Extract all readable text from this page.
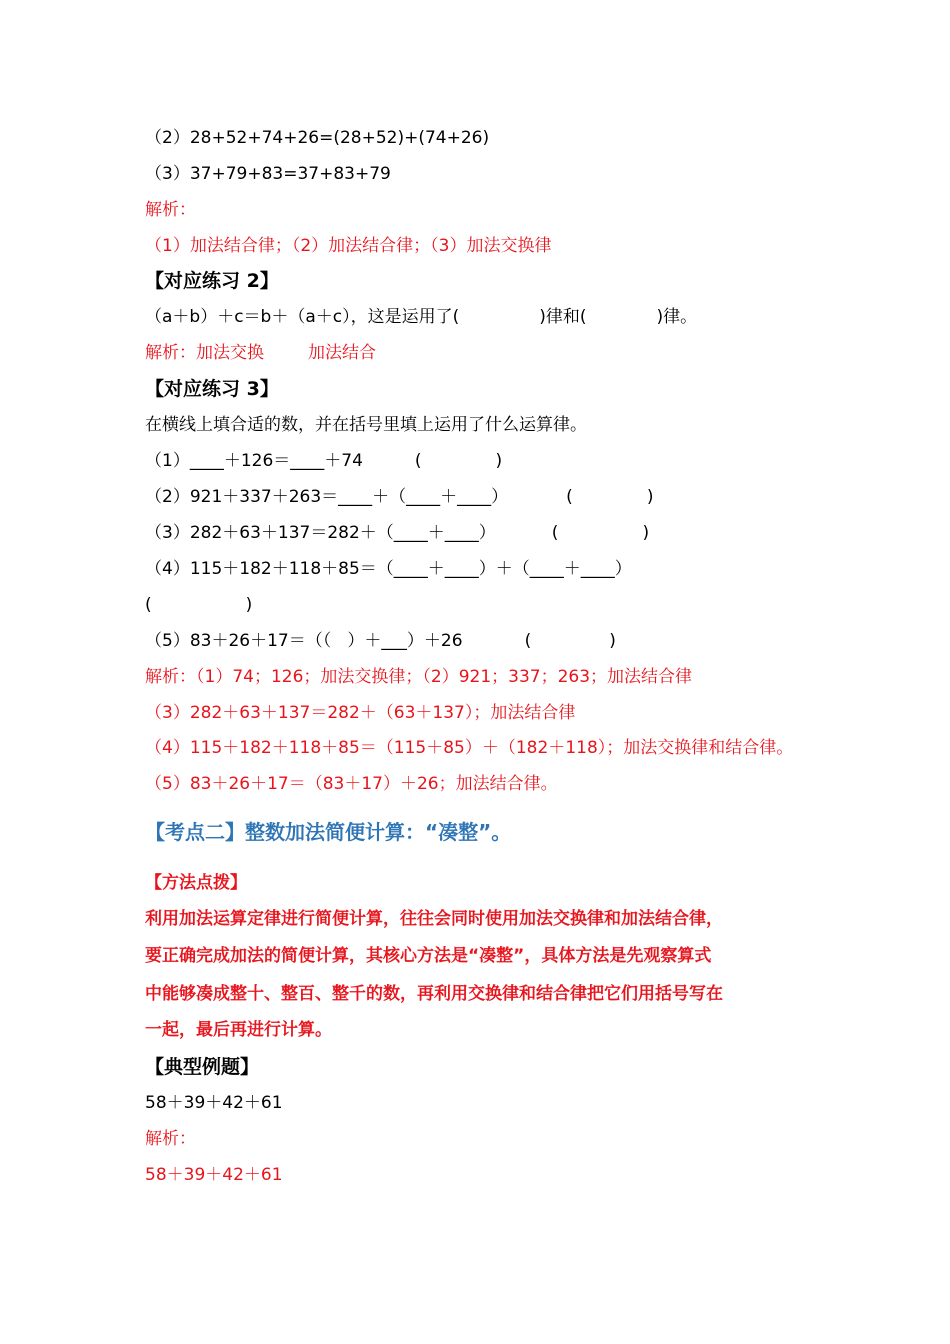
（2）28+52+74+26=(28+52)+(74+26)
（3）37+79+83=37+83+79
解析：
（1）加法结合律；（2）加法结合律；（3）加法交换律
【对应练习 2】
（a＋b）＋c＝b＋（a＋c），这是运用了(	)律和(	)律。
解析：加法交换	加法结合
【对应练习 3】
在横线上填合适的数，并在括号里填上运用了什么运算律。
（1）____＋126＝____＋74	(	)
（2）921＋337＋263＝____＋（____＋____）	(	)
（3）282＋63＋137＝282＋（____＋____）	(	)
（4）115＋182＋118＋85＝（____＋____）＋（____＋____）
(	)
（5）83＋26＋17＝（（   ）＋___）＋26	(	)
解析：（1）74；126；加法交换律；（2）921；337；263；加法结合律
（3）282＋63＋137＝282＋（63＋137）；加法结合律
（4）115＋182＋118＋85＝（115＋85）＋（182＋118）；加法交换律和结合律。
（5）83＋26＋17＝（83＋17）＋26；加法结合律。
【考点二】整数加法简便计算：“凑整”。
【方法点拨】
利用加法运算定律进行简便计算，往往会同时使用加法交换律和加法结合律，
要正确完成加法的简便计算，其核心方法是“凑整”，具体方法是先观察算式
中能够凑成整十、整百、整千的数，再利用交换律和结合律把它们用括号写在
一起，最后再进行计算。
【典型例题】
58＋39＋42＋61
解析：
58＋39＋42＋61
